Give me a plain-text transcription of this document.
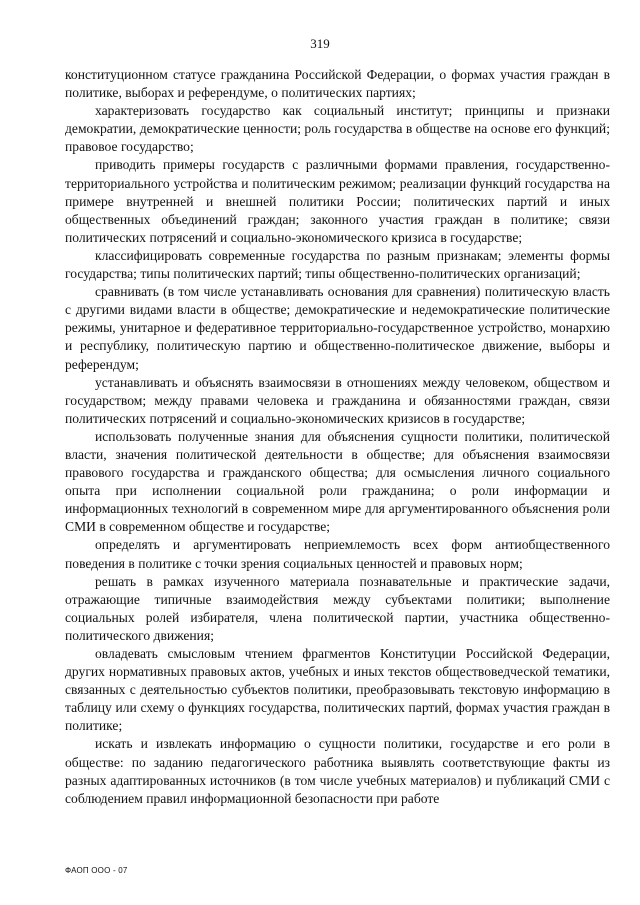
319

конституционном статусе гражданина Российской Федерации, о формах участия граждан в политике, выборах и референдуме, о политических партиях;

характеризовать государство как социальный институт; принципы и признаки демократии, демократические ценности; роль государства в обществе на основе его функций; правовое государство;

приводить примеры государств с различными формами правления, государственно-территориального устройства и политическим режимом; реализации функций государства на примере внутренней и внешней политики России; политических партий и иных общественных объединений граждан; законного участия граждан в политике; связи политических потрясений и социально-экономического кризиса в государстве;

классифицировать современные государства по разным признакам; элементы формы государства; типы политических партий; типы общественно-политических организаций;

сравнивать (в том числе устанавливать основания для сравнения) политическую власть с другими видами власти в обществе; демократические и недемократические политические режимы, унитарное и федеративное территориально-государственное устройство, монархию и республику, политическую партию и общественно-политическое движение, выборы и референдум;

устанавливать и объяснять взаимосвязи в отношениях между человеком, обществом и государством; между правами человека и гражданина и обязанностями граждан, связи политических потрясений и социально-экономических кризисов в государстве;

использовать полученные знания для объяснения сущности политики, политической власти, значения политической деятельности в обществе; для объяснения взаимосвязи правового государства и гражданского общества; для осмысления личного социального опыта при исполнении социальной роли гражданина; о роли информации и информационных технологий в современном мире для аргументированного объяснения роли СМИ в современном обществе и государстве;

определять и аргументировать неприемлемость всех форм антиобщественного поведения в политике с точки зрения социальных ценностей и правовых норм;

решать в рамках изученного материала познавательные и практические задачи, отражающие типичные взаимодействия между субъектами политики; выполнение социальных ролей избирателя, члена политической партии, участника общественно-политического движения;

овладевать смысловым чтением фрагментов Конституции Российской Федерации, других нормативных правовых актов, учебных и иных текстов обществоведческой тематики, связанных с деятельностью субъектов политики, преобразовывать текстовую информацию в таблицу или схему о функциях государства, политических партий, формах участия граждан в политике;

искать и извлекать информацию о сущности политики, государстве и его роли в обществе: по заданию педагогического работника выявлять соответствующие факты из разных адаптированных источников (в том числе учебных материалов) и публикаций СМИ с соблюдением правил информационной безопасности при работе

ФАОП ООО - 07
